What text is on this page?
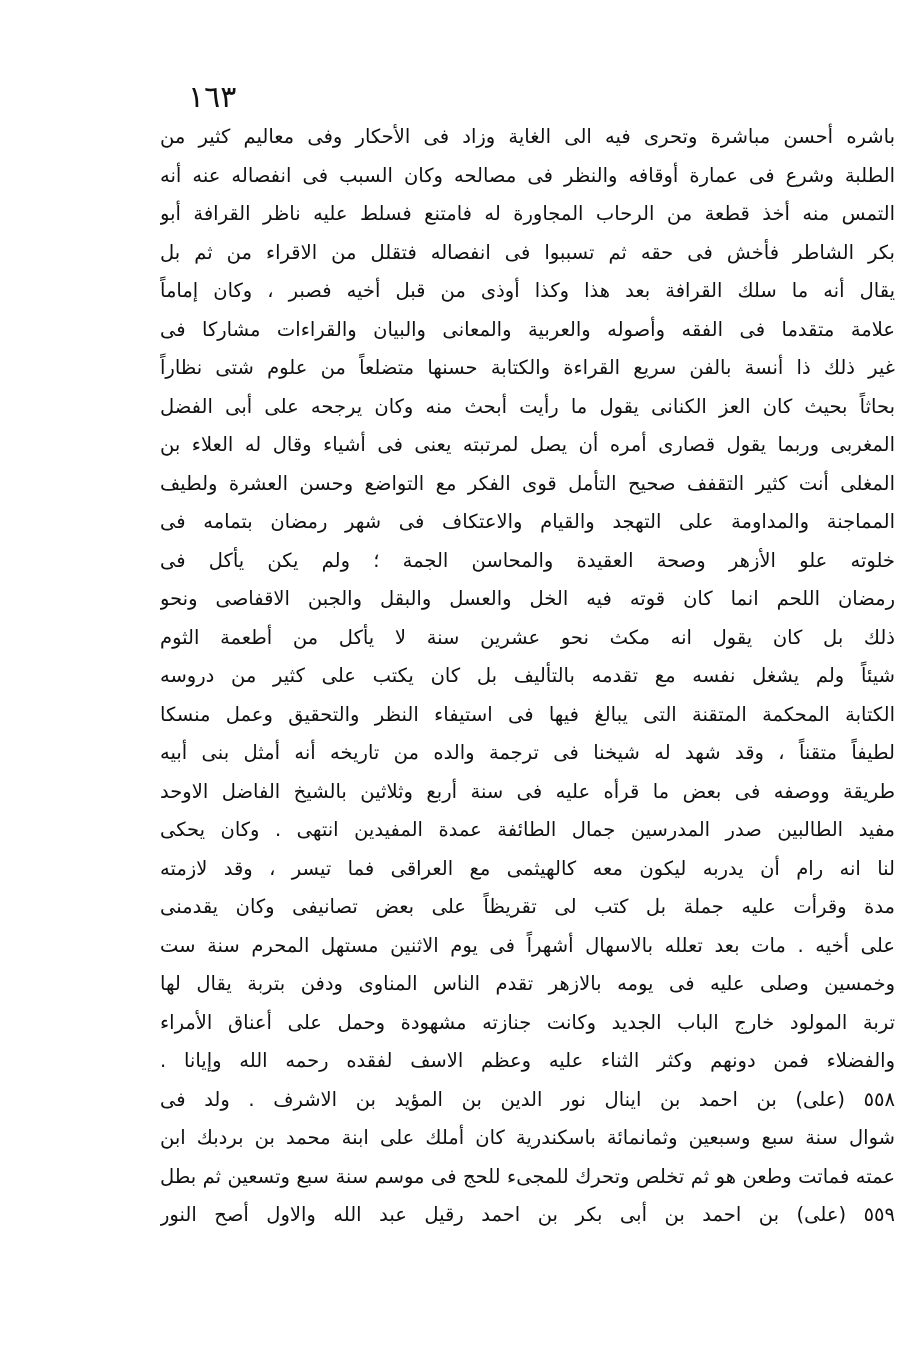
١٦٣
باشره أحسن مباشرة وتحرى فيه الى الغاية وزاد فى الأحكار وفى معاليم كثير من
الطلبة وشرع فى عمارة أوقافه والنظر فى مصالحه وكان السبب فى انفصاله عنه أنه
التمس منه أخذ قطعة من الرحاب المجاورة له فامتنع فسلط عليه ناظر القرافة أبو
بكر الشاطر فأخش فى حقه ثم تسببوا فى انفصاله فتقلل من الاقراء من ثم بل
يقال أنه ما سلك القرافة بعد هذا وكذا أوذى من قبل أخيه فصبر ، وكان إماماً
علامة متقدما فى الفقه وأصوله والعربية والمعانى والبيان والقراءات مشاركا فى
غير ذلك ذا أنسة بالفن سريع القراءة والكتابة حسنها متضلعاً من علوم شتى نظاراً
بحاثاً بحيث كان العز الكنانى يقول ما رأيت أبحث منه وكان يرجحه على أبى الفضل
المغربى وربما يقول قصارى أمره أن يصل لمرتبته يعنى فى أشياء وقال له العلاء بن
المغلى أنت كثير التقفف صحيح التأمل قوى الفكر مع التواضع وحسن العشرة ولطيف
المماجنة والمداومة على التهجد والقيام والاعتكاف فى شهر رمضان بتمامه فى
خلوته علو الأزهر وصحة العقيدة والمحاسن الجمة ؛ ولم يكن يأكل فى
رمضان اللحم انما كان قوته فيه الخل والعسل والبقل والجبن الاقفاصى ونحو
ذلك بل كان يقول انه مكث نحو عشرين سنة لا يأكل من أطعمة الثوم
شيئاً ولم يشغل نفسه مع تقدمه بالتأليف بل كان يكتب على كثير من دروسه
الكتابة المحكمة المتقنة التى يبالغ فيها فى استيفاء النظر والتحقيق وعمل منسكا
لطيفاً متقناً ، وقد شهد له شيخنا فى ترجمة والده من تاريخه أنه أمثل بنى أبيه
طريقة ووصفه فى بعض ما قرأه عليه فى سنة أربع وثلاثين بالشيخ الفاضل الاوحد
مفيد الطالبين صدر المدرسين جمال الطائفة عمدة المفيدين انتهى . وكان يحكى
لنا انه رام أن يدربه ليكون معه كالهيثمى مع العراقى فما تيسر ، وقد لازمته
مدة وقرأت عليه جملة بل كتب لى تقريظاً على بعض تصانيفى وكان يقدمنى
على أخيه . مات بعد تعلله بالاسهال أشهراً فى يوم الاثنين مستهل المحرم سنة ست
وخمسين وصلى عليه فى يومه بالازهر تقدم الناس المناوى ودفن بتربة يقال لها
تربة المولود خارج الباب الجديد وكانت جنازته مشهودة وحمل على أعناق الأمراء
والفضلاء فمن دونهم وكثر الثناء عليه وعظم الاسف لفقده رحمه الله وإيانا .
٥٥٨ (على) بن احمد بن اينال نور الدين بن المؤيد بن الاشرف . ولد فى
شوال سنة سبع وسبعين وثمانمائة باسكندرية كان أملك على ابنة محمد بن بردبك ابن
عمته فماتت وطعن هو ثم تخلص وتحرك للمجىء للحج فى موسم سنة سبع وتسعين ثم بطل
٥٥٩ (على) بن احمد بن أبى بكر بن احمد رقيل عبد الله والاول أصح النور
